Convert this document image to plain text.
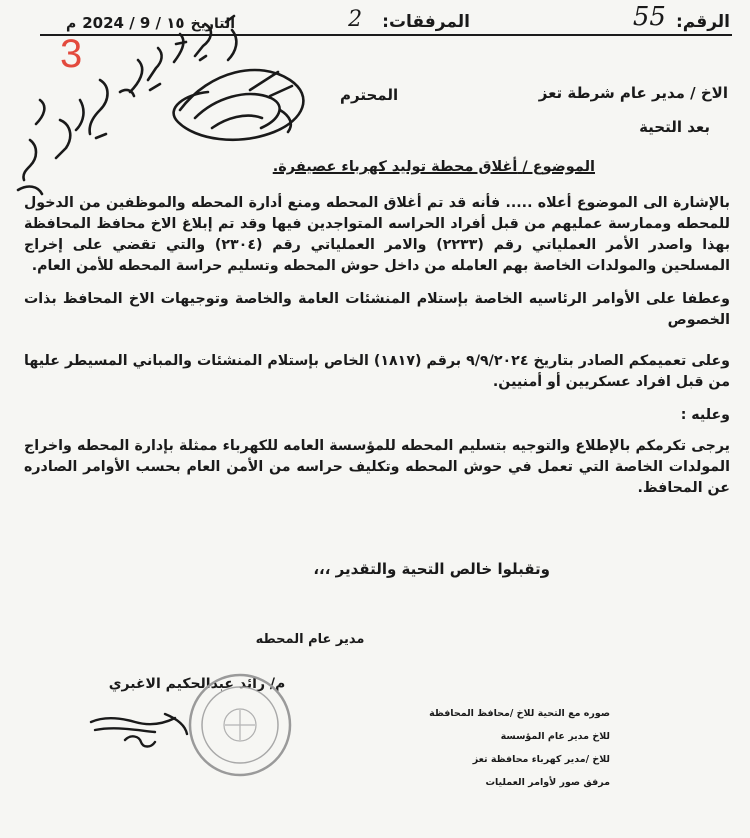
الرقم:
55
المرفقات:
2
التاريخ
2024 / 9 / ١٥
م
3
الاخ / مدير عام شرطة تعز
المحترم
بعد التحية
الموضوع / أغلاق محطة توليد كهرباء عصيفرة.

بالإشارة الى الموضوع أعلاه ..... فأنه قد تم أغلاق المحطه ومنع أدارة المحطه والموظفين من الدخول للمحطه وممارسة عمليهم من قبل أفراد الحراسه المتواجدين فيها وقد تم إبلاغ الاخ محافظ المحافظة بهذا واصدر الأمر العملياتي رقم (٢٢٣٣) والامر العملياتي رقم (٢٣٠٤) والتي تقضي على إخراج المسلحين والمولدات الخاصة بهم العامله من داخل حوش المحطه وتسليم حراسة المحطه للأمن العام.

وعطفا على الأوامر الرئاسيه الخاصة بإستلام المنشئات العامة والخاصة وتوجيهات الاخ المحافظ بذات الخصوص

وعلى تعميمكم الصادر بتاريخ ٩/٩/٢٠٢٤ برقم (١٨١٧) الخاص بإستلام المنشئات والمباني المسيطر عليها من قبل افراد عسكريين أو أمنيين.

وعليه :

يرجى تكرمكم بالإطلاع والتوجيه بتسليم المحطه للمؤسسة العامه للكهرباء ممثلة بإدارة المحطه واخراج المولدات الخاصة التي تعمل في حوش المحطه وتكليف حراسه من الأمن العام بحسب الأوامر الصادره عن المحافظ.

وتقبلوا خالص التحية والتقدير ،،،
مدير عام المحطه
م/ رائد عبدالحكيم الاغبري
صوره مع التحية للاخ /محافظ المحافظة
للاخ مدير عام المؤسسة
للاخ /مدير كهرباء محافظة تعز
مرفق صور لأوامر العمليات
